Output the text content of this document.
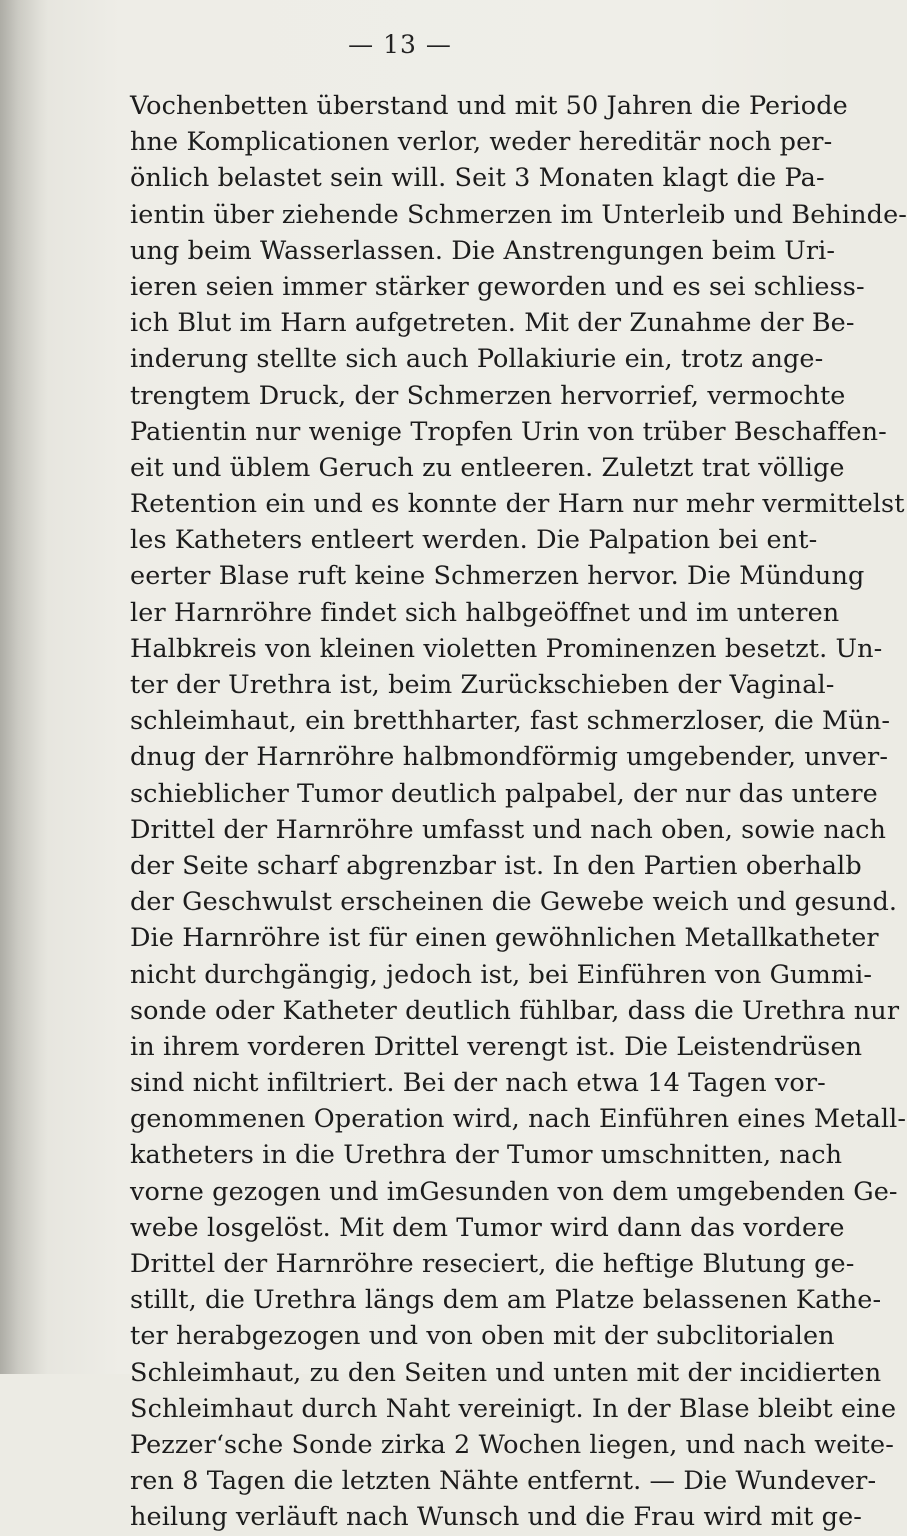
— 13 —
Vochenbetten überstand und mit 50 Jahren die Periode
hne Komplicationen verlor, weder hereditär noch per-
önlich belastet sein will. Seit 3 Monaten klagt die Pa-
ientin über ziehende Schmerzen im Unterleib und Behinde-
ung beim Wasserlassen. Die Anstrengungen beim Uri-
ieren seien immer stärker geworden und es sei schliess-
ich Blut im Harn aufgetreten. Mit der Zunahme der Be-
inderung stellte sich auch Pollakiurie ein, trotz ange-
trengtem Druck, der Schmerzen hervorrief, vermochte
Patientin nur wenige Tropfen Urin von trüber Beschaffen-
eit und üblem Geruch zu entleeren. Zuletzt trat völlige
Retention ein und es konnte der Harn nur mehr vermittelst
les Katheters entleert werden. Die Palpation bei ent-
eerter Blase ruft keine Schmerzen hervor. Die Mündung
ler Harnröhre findet sich halbgeöffnet und im unteren
Halbkreis von kleinen violetten Prominenzen besetzt. Un-
ter der Urethra ist, beim Zurückschieben der Vaginal-
schleimhaut, ein bretthharter, fast schmerzloser, die Mün-
dnug der Harnröhre halbmondförmig umgebender, unver-
schieblicher Tumor deutlich palpabel, der nur das untere
Drittel der Harnröhre umfasst und nach oben, sowie nach
der Seite scharf abgrenzbar ist. In den Partien oberhalb
der Geschwulst erscheinen die Gewebe weich und gesund.
Die Harnröhre ist für einen gewöhnlichen Metallkatheter
nicht durchgängig, jedoch ist, bei Einführen von Gummi-
sonde oder Katheter deutlich fühlbar, dass die Urethra nur
in ihrem vorderen Drittel verengt ist. Die Leistendrüsen
sind nicht infiltriert. Bei der nach etwa 14 Tagen vor-
genommenen Operation wird, nach Einführen eines Metall-
katheters in die Urethra der Tumor umschnitten, nach
vorne gezogen und imGesunden von dem umgebenden Ge-
webe losgelöst. Mit dem Tumor wird dann das vordere
Drittel der Harnröhre reseciert, die heftige Blutung ge-
stillt, die Urethra längs dem am Platze belassenen Kathe-
ter herabgezogen und von oben mit der subclitorialen
Schleimhaut, zu den Seiten und unten mit der incidierten
Schleimhaut durch Naht vereinigt. In der Blase bleibt eine
Pezzer‘sche Sonde zirka 2 Wochen liegen, und nach weite-
ren 8 Tagen die letzten Nähte entfernt. — Die Wundever-
heilung verläuft nach Wunsch und die Frau wird mit ge-
